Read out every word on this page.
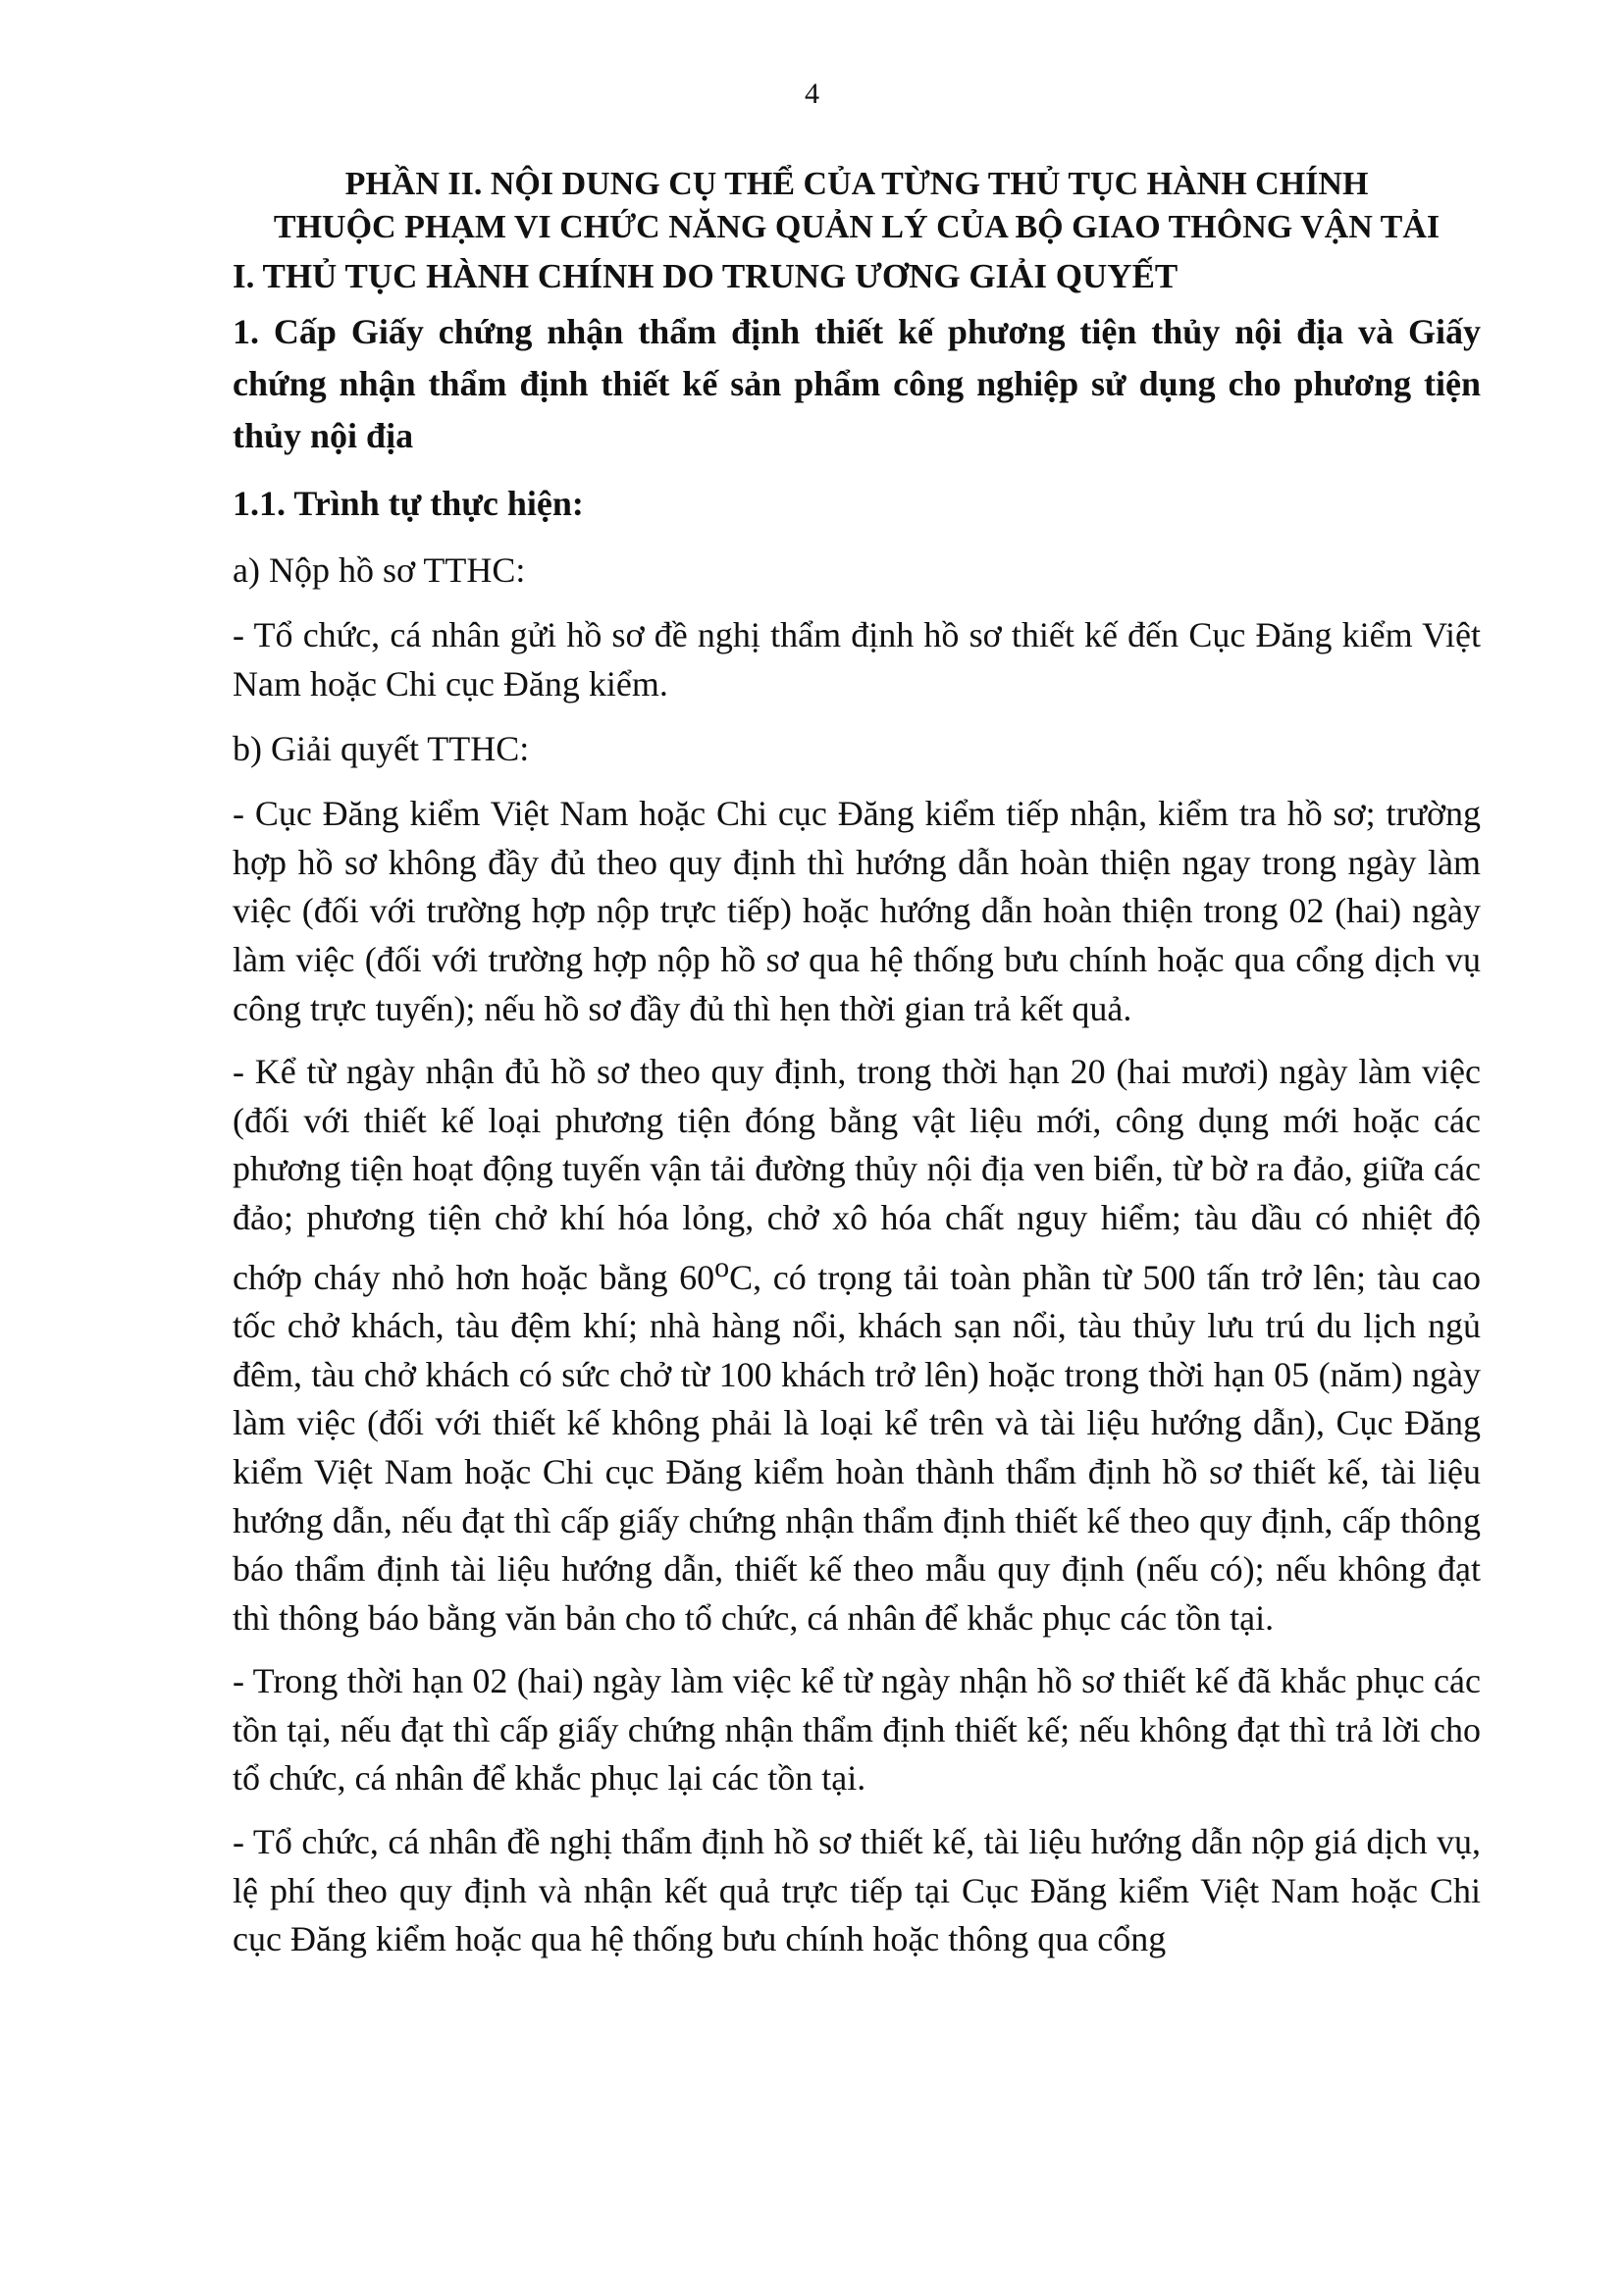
4
PHẦN II. NỘI DUNG CỤ THỂ CỦA TỪNG THỦ TỤC HÀNH CHÍNH
THUỘC PHẠM VI CHỨC NĂNG QUẢN LÝ CỦA BỘ GIAO THÔNG VẬN TẢI

I. THỦ TỤC HÀNH CHÍNH DO TRUNG ƯƠNG GIẢI QUYẾT

1. Cấp Giấy chứng nhận thẩm định thiết kế phương tiện thủy nội địa và Giấy chứng nhận thẩm định thiết kế sản phẩm công nghiệp sử dụng cho phương tiện thủy nội địa

1.1. Trình tự thực hiện:

a) Nộp hồ sơ TTHC:

- Tổ chức, cá nhân gửi hồ sơ đề nghị thẩm định hồ sơ thiết kế đến Cục Đăng kiểm Việt Nam hoặc Chi cục Đăng kiểm.

b) Giải quyết TTHC:

- Cục Đăng kiểm Việt Nam hoặc Chi cục Đăng kiểm tiếp nhận, kiểm tra hồ sơ; trường hợp hồ sơ không đầy đủ theo quy định thì hướng dẫn hoàn thiện ngay trong ngày làm việc (đối với trường hợp nộp trực tiếp) hoặc hướng dẫn hoàn thiện trong 02 (hai) ngày làm việc (đối với trường hợp nộp hồ sơ qua hệ thống bưu chính hoặc qua cổng dịch vụ công trực tuyến); nếu hồ sơ đầy đủ thì hẹn thời gian trả kết quả.

- Kể từ ngày nhận đủ hồ sơ theo quy định, trong thời hạn 20 (hai mươi) ngày làm việc (đối với thiết kế loại phương tiện đóng bằng vật liệu mới, công dụng mới hoặc các phương tiện hoạt động tuyến vận tải đường thủy nội địa ven biển, từ bờ ra đảo, giữa các đảo; phương tiện chở khí hóa lỏng, chở xô hóa chất nguy hiểm; tàu dầu có nhiệt độ chớp cháy nhỏ hơn hoặc bằng 60$^o$C, có trọng tải toàn phần từ 500 tấn trở lên; tàu cao tốc chở khách, tàu đệm khí; nhà hàng nổi, khách sạn nổi, tàu thủy lưu trú du lịch ngủ đêm, tàu chở khách có sức chở từ 100 khách trở lên) hoặc trong thời hạn 05 (năm) ngày làm việc (đối với thiết kế không phải là loại kể trên và tài liệu hướng dẫn), Cục Đăng kiểm Việt Nam hoặc Chi cục Đăng kiểm hoàn thành thẩm định hồ sơ thiết kế, tài liệu hướng dẫn, nếu đạt thì cấp giấy chứng nhận thẩm định thiết kế theo quy định, cấp thông báo thẩm định tài liệu hướng dẫn, thiết kế theo mẫu quy định (nếu có); nếu không đạt thì thông báo bằng văn bản cho tổ chức, cá nhân để khắc phục các tồn tại.

- Trong thời hạn 02 (hai) ngày làm việc kể từ ngày nhận hồ sơ thiết kế đã khắc phục các tồn tại, nếu đạt thì cấp giấy chứng nhận thẩm định thiết kế; nếu không đạt thì trả lời cho tổ chức, cá nhân để khắc phục lại các tồn tại.

- Tổ chức, cá nhân đề nghị thẩm định hồ sơ thiết kế, tài liệu hướng dẫn nộp giá dịch vụ, lệ phí theo quy định và nhận kết quả trực tiếp tại Cục Đăng kiểm Việt Nam hoặc Chi cục Đăng kiểm hoặc qua hệ thống bưu chính hoặc thông qua cổng
